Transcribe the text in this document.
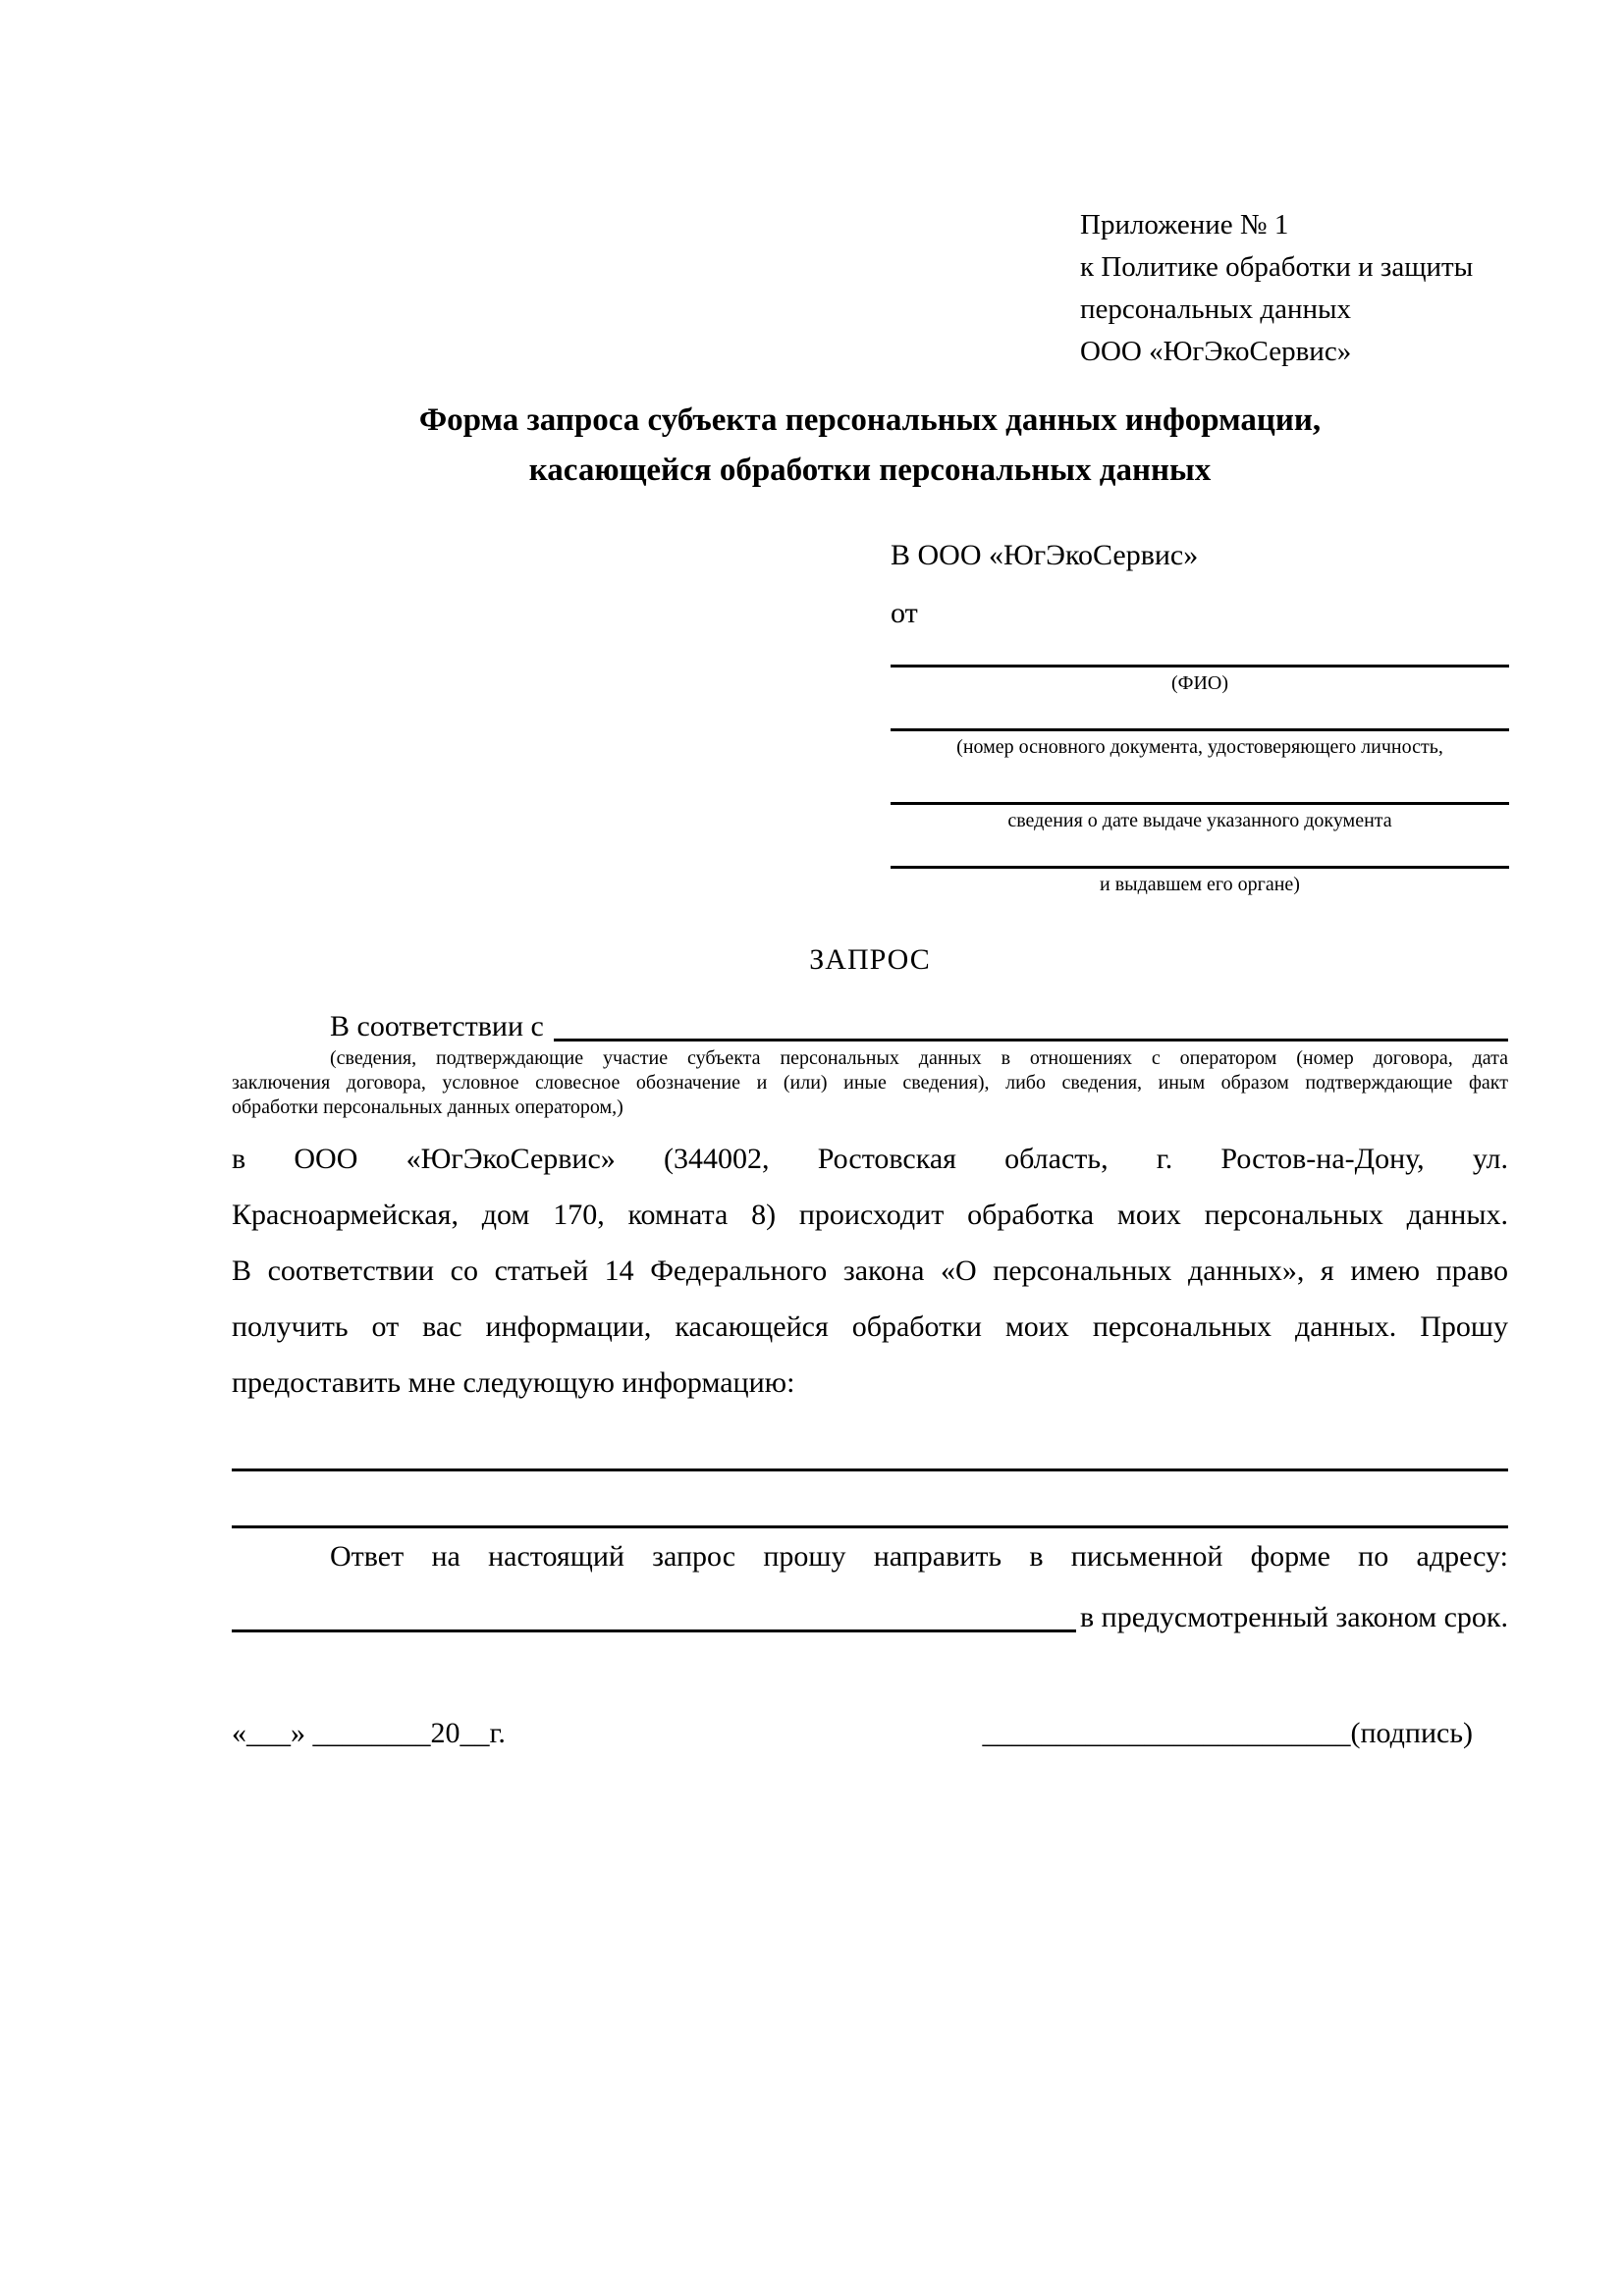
Приложение № 1
к Политике обработки и защиты
персональных данных
ООО «ЮгЭкоСервис»
Форма запроса субъекта персональных данных информации,
касающейся обработки персональных данных
В ООО «ЮгЭкоСервис»
от
(ФИО)
(номер основного документа, удостоверяющего личность,
сведения о дате выдаче указанного документа
и выдавшем его органе)
ЗАПРОС
В соответствии с
(сведения, подтверждающие участие субъекта персональных данных в отношениях с оператором (номер договора, дата
заключения договора, условное словесное обозначение и (или) иные сведения), либо сведения, иным образом подтверждающие факт
обработки персональных данных оператором,)
в ООО «ЮгЭкоСервис» (344002, Ростовская область, г. Ростов-на-Дону, ул.
Красноармейская, дом 170, комната 8) происходит обработка моих персональных данных.
В соответствии со статьей 14 Федерального закона «О персональных данных», я имею право
получить от вас информации, касающейся обработки моих персональных данных. Прошу
предоставить мне следующую информацию:
Ответ на настоящий запрос прошу направить в письменной форме по адресу:
в предусмотренный законом срок.
«___» ________20__г.	_________________________(подпись)
